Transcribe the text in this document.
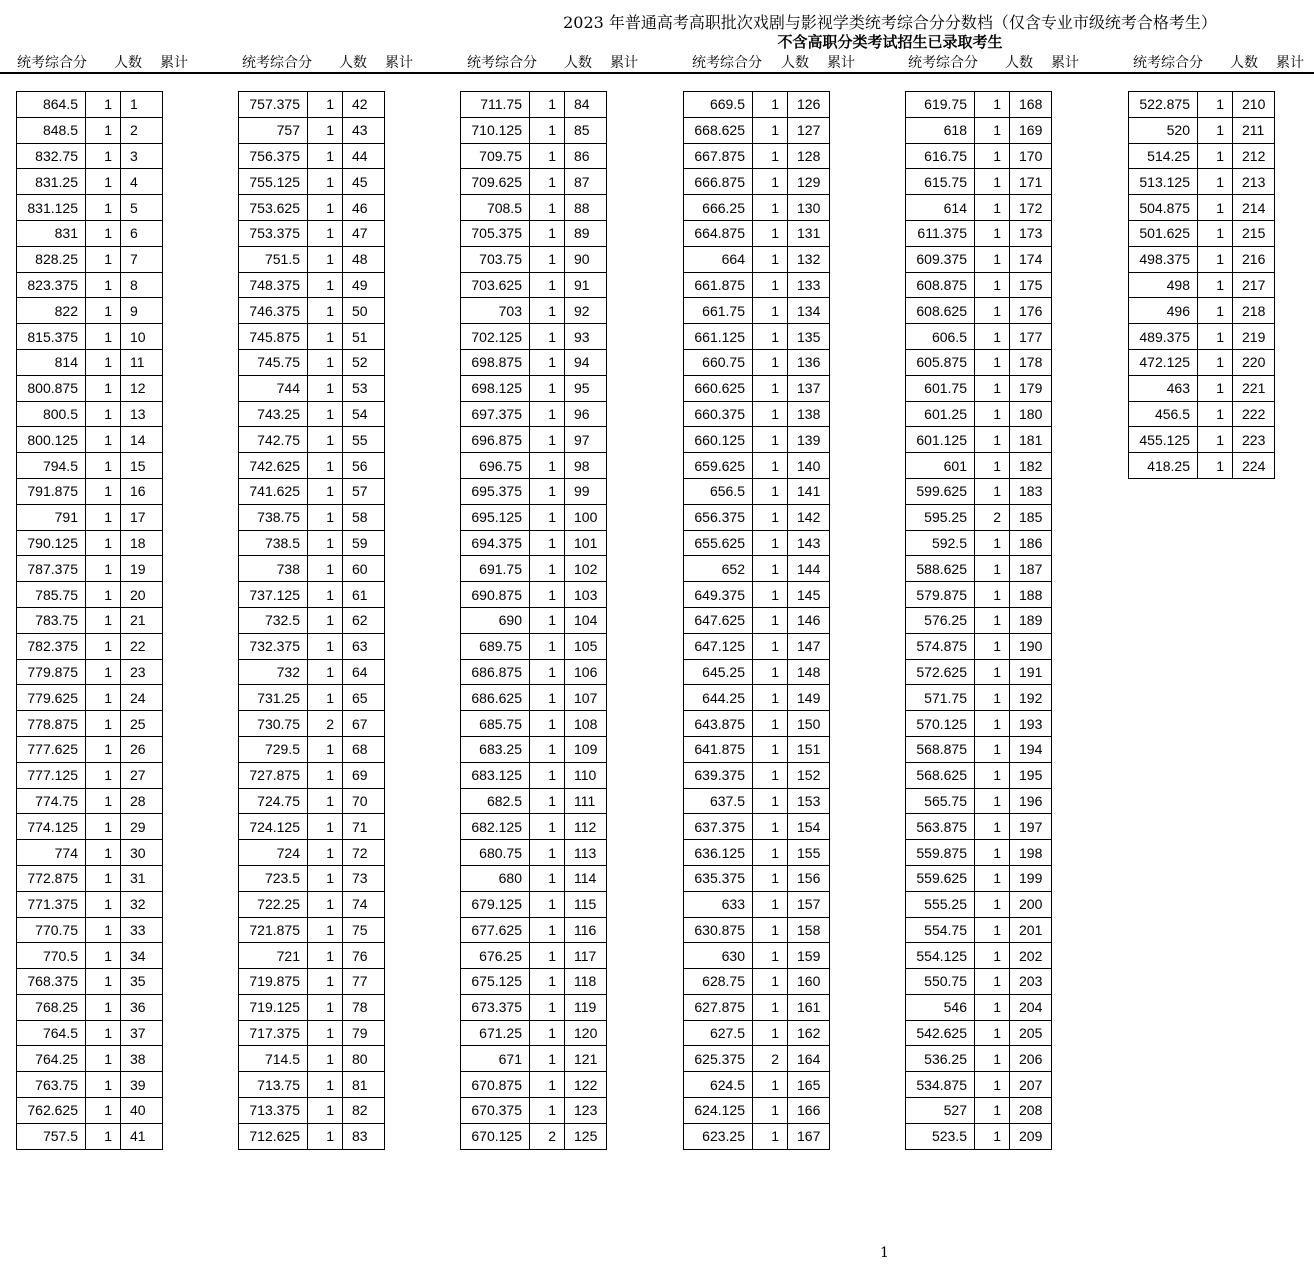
2023 年普通高考高职批次戏剧与影视学类统考综合分分数档（仅含专业市级统考合格考生）
不含高职分类考试招生已录取考生
统考综合分 人数 累计	统考综合分 人数 累计	统考综合分 人数 累计	统考综合分 人数 累计	统考综合分 人数 累计	统考综合分 人数 累计
864.5	1	1
848.5	1	2
832.75	1	3
831.25	1	4
831.125	1	5
831	1	6
828.25	1	7
823.375	1	8
822	1	9
815.375	1	10
814	1	11
800.875	1	12
800.5	1	13
800.125	1	14
794.5	1	15
791.875	1	16
791	1	17
790.125	1	18
787.375	1	19
785.75	1	20
783.75	1	21
782.375	1	22
779.875	1	23
779.625	1	24
778.875	1	25
777.625	1	26
777.125	1	27
774.75	1	28
774.125	1	29
774	1	30
772.875	1	31
771.375	1	32
770.75	1	33
770.5	1	34
768.375	1	35
768.25	1	36
764.5	1	37
764.25	1	38
763.75	1	39
762.625	1	40
757.5	1	41
757.375	1	42
757	1	43
756.375	1	44
755.125	1	45
753.625	1	46
753.375	1	47
751.5	1	48
748.375	1	49
746.375	1	50
745.875	1	51
745.75	1	52
744	1	53
743.25	1	54
742.75	1	55
742.625	1	56
741.625	1	57
738.75	1	58
738.5	1	59
738	1	60
737.125	1	61
732.5	1	62
732.375	1	63
732	1	64
731.25	1	65
730.75	2	67
729.5	1	68
727.875	1	69
724.75	1	70
724.125	1	71
724	1	72
723.5	1	73
722.25	1	74
721.875	1	75
721	1	76
719.875	1	77
719.125	1	78
717.375	1	79
714.5	1	80
713.75	1	81
713.375	1	82
712.625	1	83
711.75	1	84
710.125	1	85
709.75	1	86
709.625	1	87
708.5	1	88
705.375	1	89
703.75	1	90
703.625	1	91
703	1	92
702.125	1	93
698.875	1	94
698.125	1	95
697.375	1	96
696.875	1	97
696.75	1	98
695.375	1	99
695.125	1	100
694.375	1	101
691.75	1	102
690.875	1	103
690	1	104
689.75	1	105
686.875	1	106
686.625	1	107
685.75	1	108
683.25	1	109
683.125	1	110
682.5	1	111
682.125	1	112
680.75	1	113
680	1	114
679.125	1	115
677.625	1	116
676.25	1	117
675.125	1	118
673.375	1	119
671.25	1	120
671	1	121
670.875	1	122
670.375	1	123
670.125	2	125
669.5	1	126
668.625	1	127
667.875	1	128
666.875	1	129
666.25	1	130
664.875	1	131
664	1	132
661.875	1	133
661.75	1	134
661.125	1	135
660.75	1	136
660.625	1	137
660.375	1	138
660.125	1	139
659.625	1	140
656.5	1	141
656.375	1	142
655.625	1	143
652	1	144
649.375	1	145
647.625	1	146
647.125	1	147
645.25	1	148
644.25	1	149
643.875	1	150
641.875	1	151
639.375	1	152
637.5	1	153
637.375	1	154
636.125	1	155
635.375	1	156
633	1	157
630.875	1	158
630	1	159
628.75	1	160
627.875	1	161
627.5	1	162
625.375	2	164
624.5	1	165
624.125	1	166
623.25	1	167
619.75	1	168
618	1	169
616.75	1	170
615.75	1	171
614	1	172
611.375	1	173
609.375	1	174
608.875	1	175
608.625	1	176
606.5	1	177
605.875	1	178
601.75	1	179
601.25	1	180
601.125	1	181
601	1	182
599.625	1	183
595.25	2	185
592.5	1	186
588.625	1	187
579.875	1	188
576.25	1	189
574.875	1	190
572.625	1	191
571.75	1	192
570.125	1	193
568.875	1	194
568.625	1	195
565.75	1	196
563.875	1	197
559.875	1	198
559.625	1	199
555.25	1	200
554.75	1	201
554.125	1	202
550.75	1	203
546	1	204
542.625	1	205
536.25	1	206
534.875	1	207
527	1	208
523.5	1	209
522.875	1	210
520	1	211
514.25	1	212
513.125	1	213
504.875	1	214
501.625	1	215
498.375	1	216
498	1	217
496	1	218
489.375	1	219
472.125	1	220
463	1	221
456.5	1	222
455.125	1	223
418.25	1	224
1
